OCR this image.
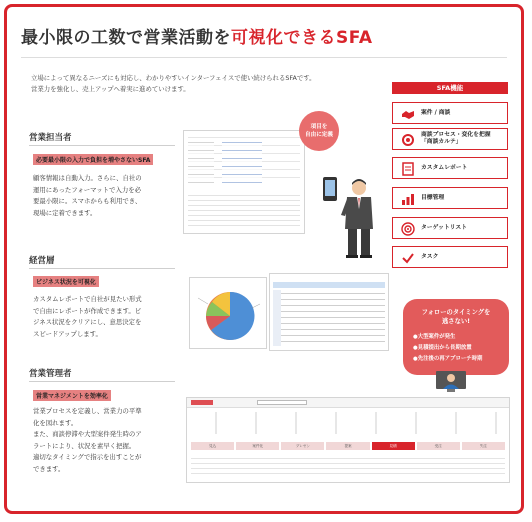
最小限の工数で営業活動を可視化できるSFA
立場によって異なるニーズにも対応し、わかりやすいインターフェイスで使い続けられるSFAです。
営業力を強化し、売上アップへ着実に進めていけます。
営業担当者
必要最小限の入力で負担を増やさないSFA
顧客情報は自動入力。さらに、自社の
運用にあったフォーマットで入力を必
要最小限に。スマホからも利用でき、
現場に定着できます。
経営層
ビジネス状況を可視化
カスタムレポートで自社が見たい形式
で自由にレポートが作成できます。ビ
ジネス状況をクリアにし、意思決定を
スピードアップします。
営業管理者
営業マネジメントを効率化
営業プロセスを定義し、営業力の平準
化を図れます。
また、商談停滞や大型案件発生時のア
ラートにより、状況を素早く把握。
適切なタイミングで指示を出すことが
できます。
項目を
自由に定義
フォローのタイミングを
逃さない!
●大型案件が発生
●見積提出から長期放置
●先注後の再アプローチ時期
見込	案件化	プレゼン	提案	見積	受注	失注
SFA機能
案件 / 商談
商談プロセス・変化を把握
「商談カルテ」
カスタムレポート
目標管理
ターゲットリスト
タスク
